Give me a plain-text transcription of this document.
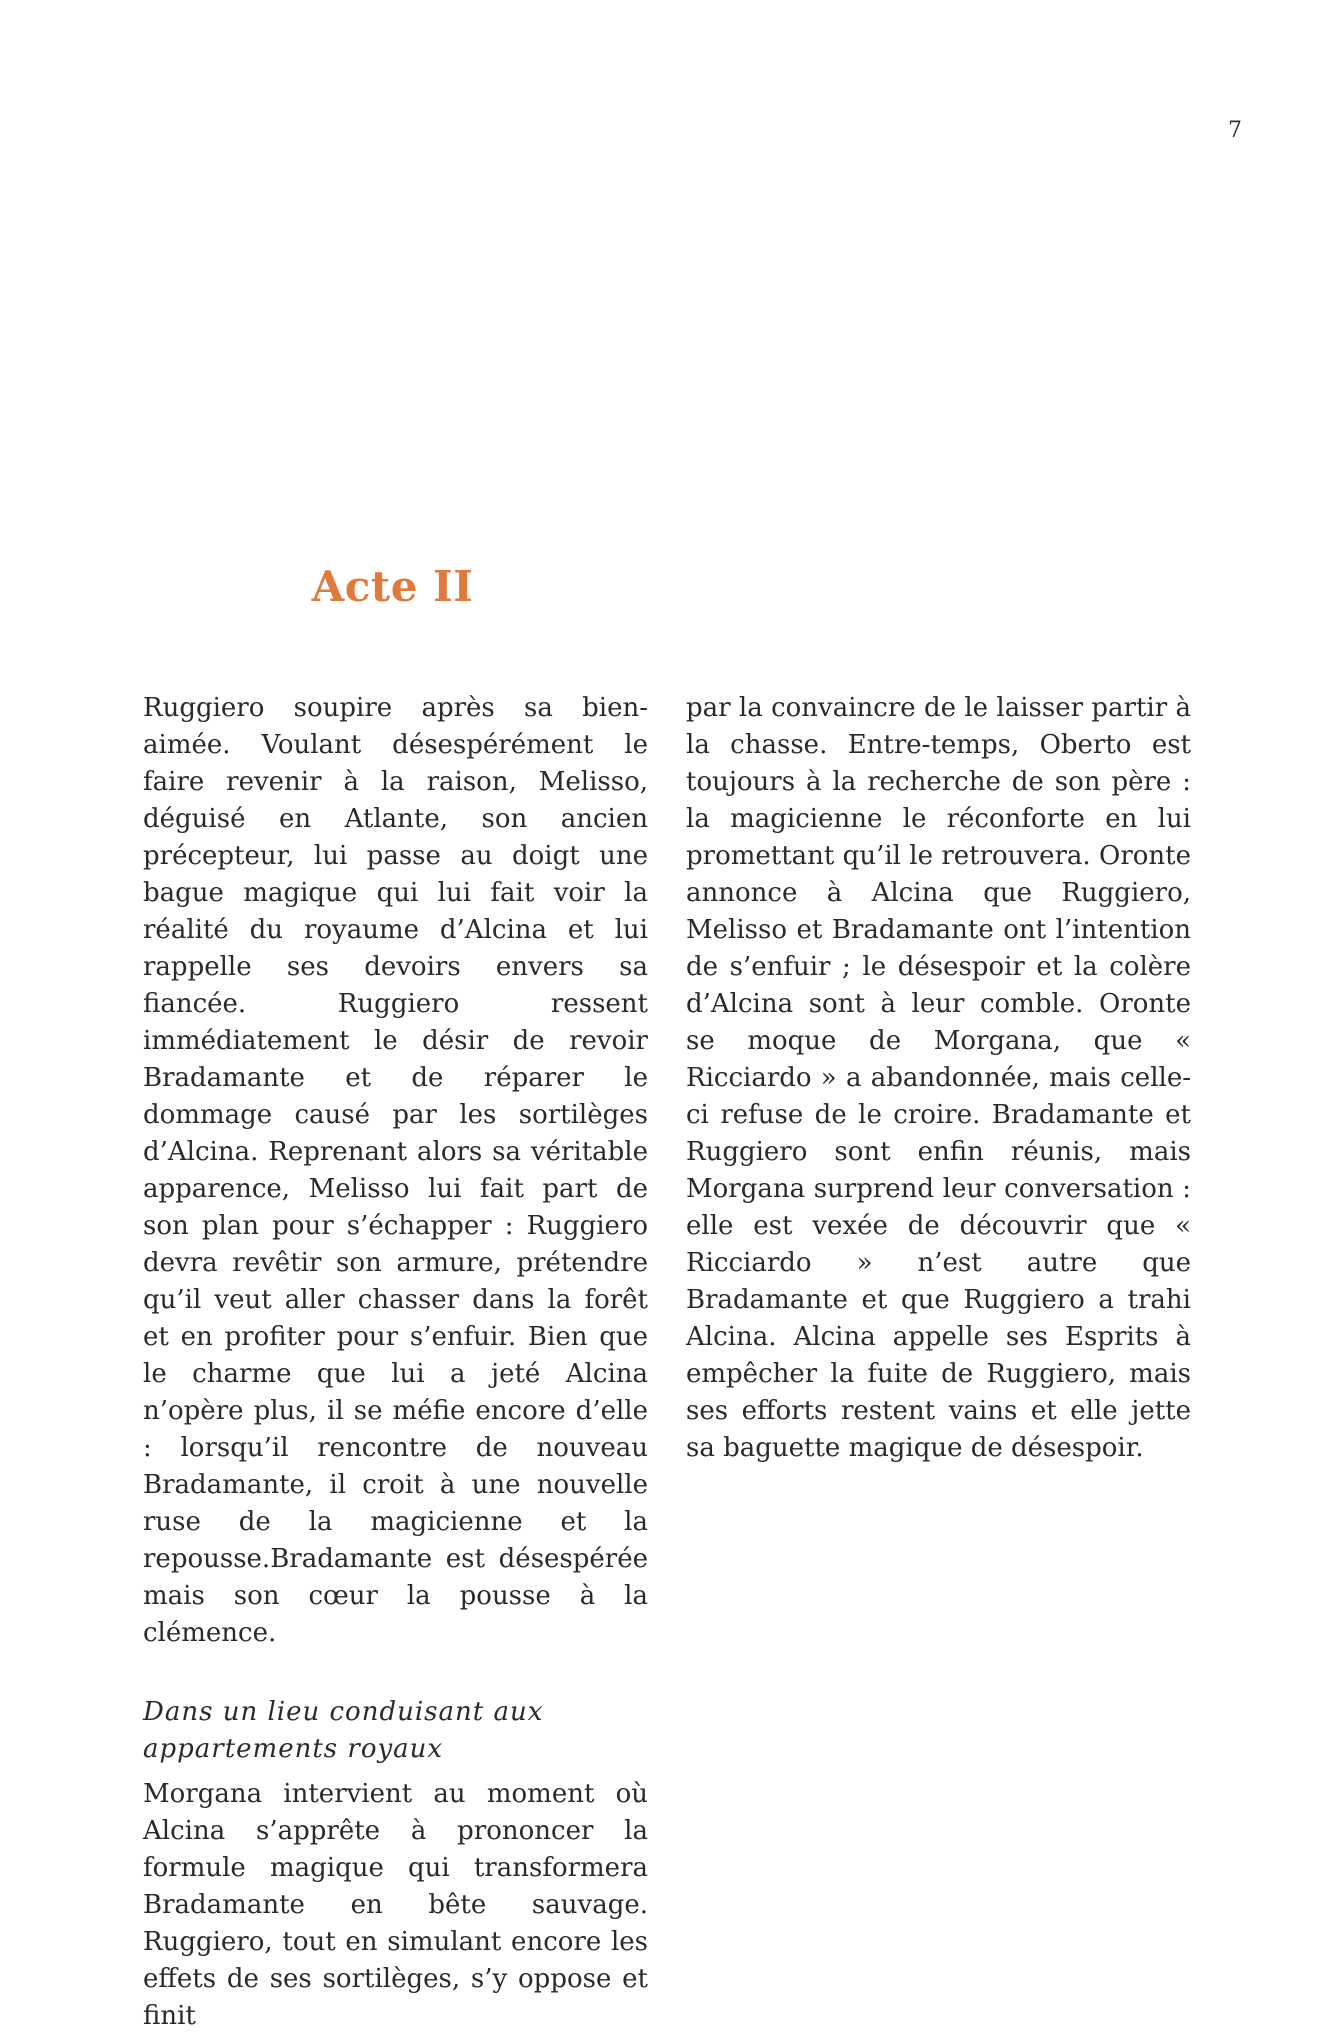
7
Acte II

Ruggiero soupire après sa bien-aimée. Voulant désespérément le faire revenir à la raison, Melisso, déguisé en Atlante, son ancien précepteur, lui passe au doigt une bague magique qui lui fait voir la réalité du royaume d’Alcina et lui rappelle ses devoirs envers sa fiancée. Ruggiero ressent immédiatement le désir de revoir Bradamante et de réparer le dommage causé par les sortilèges d’Alcina. Reprenant alors sa véritable apparence, Melisso lui fait part de son plan pour s’échapper : Ruggiero devra revêtir son armure, prétendre qu’il veut aller chasser dans la forêt et en profiter pour s’enfuir. Bien que le charme que lui a jeté Alcina n’opère plus, il se méfie encore d’elle : lorsqu’il rencontre de nouveau Bradamante, il croit à une nouvelle ruse de la magicienne et la repousse.Bradamante est désespérée mais son cœur la pousse à la clémence.

Dans un lieu conduisant aux
appartements royaux

Morgana intervient au moment où Alcina s’apprête à prononcer la formule magique qui transformera Bradamante en bête sauvage. Ruggiero, tout en simulant encore les effets de ses sortilèges, s’y oppose et finit

par la convaincre de le laisser partir à la chasse. Entre-temps, Oberto est toujours à la recherche de son père : la magicienne le réconforte en lui promettant qu’il le retrouvera. Oronte annonce à Alcina que Ruggiero, Melisso et Bradamante ont l’intention de s’enfuir ; le désespoir et la colère d’Alcina sont à leur comble. Oronte se moque de Morgana, que « Ricciardo » a abandonnée, mais celle-ci refuse de le croire. Bradamante et Ruggiero sont enfin réunis, mais Morgana surprend leur conversation : elle est vexée de découvrir que « Ricciardo » n’est autre que Bradamante et que Ruggiero a trahi Alcina. Alcina appelle ses Esprits à empêcher la fuite de Ruggiero, mais ses efforts restent vains et elle jette sa baguette magique de désespoir.
